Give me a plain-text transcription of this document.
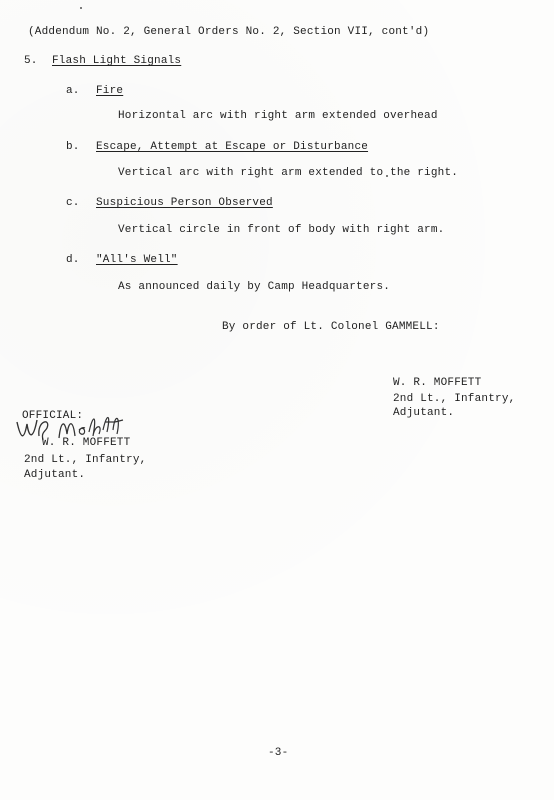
(Addendum No. 2, General Orders No. 2, Section VII, cont'd)
5. Flash Light Signals
a. Fire
Horizontal arc with right arm extended overhead
b. Escape, Attempt at Escape or Disturbance
Vertical arc with right arm extended to the right.
c. Suspicious Person Observed
Vertical circle in front of body with right arm.
d. "All's Well"
As announced daily by Camp Headquarters.
By order of Lt. Colonel GAMMELL:
W. R. MOFFETT
2nd Lt., Infantry,
Adjutant.
OFFICIAL:
W. R. MOFFETT
2nd Lt., Infantry,
Adjutant.
-3-
